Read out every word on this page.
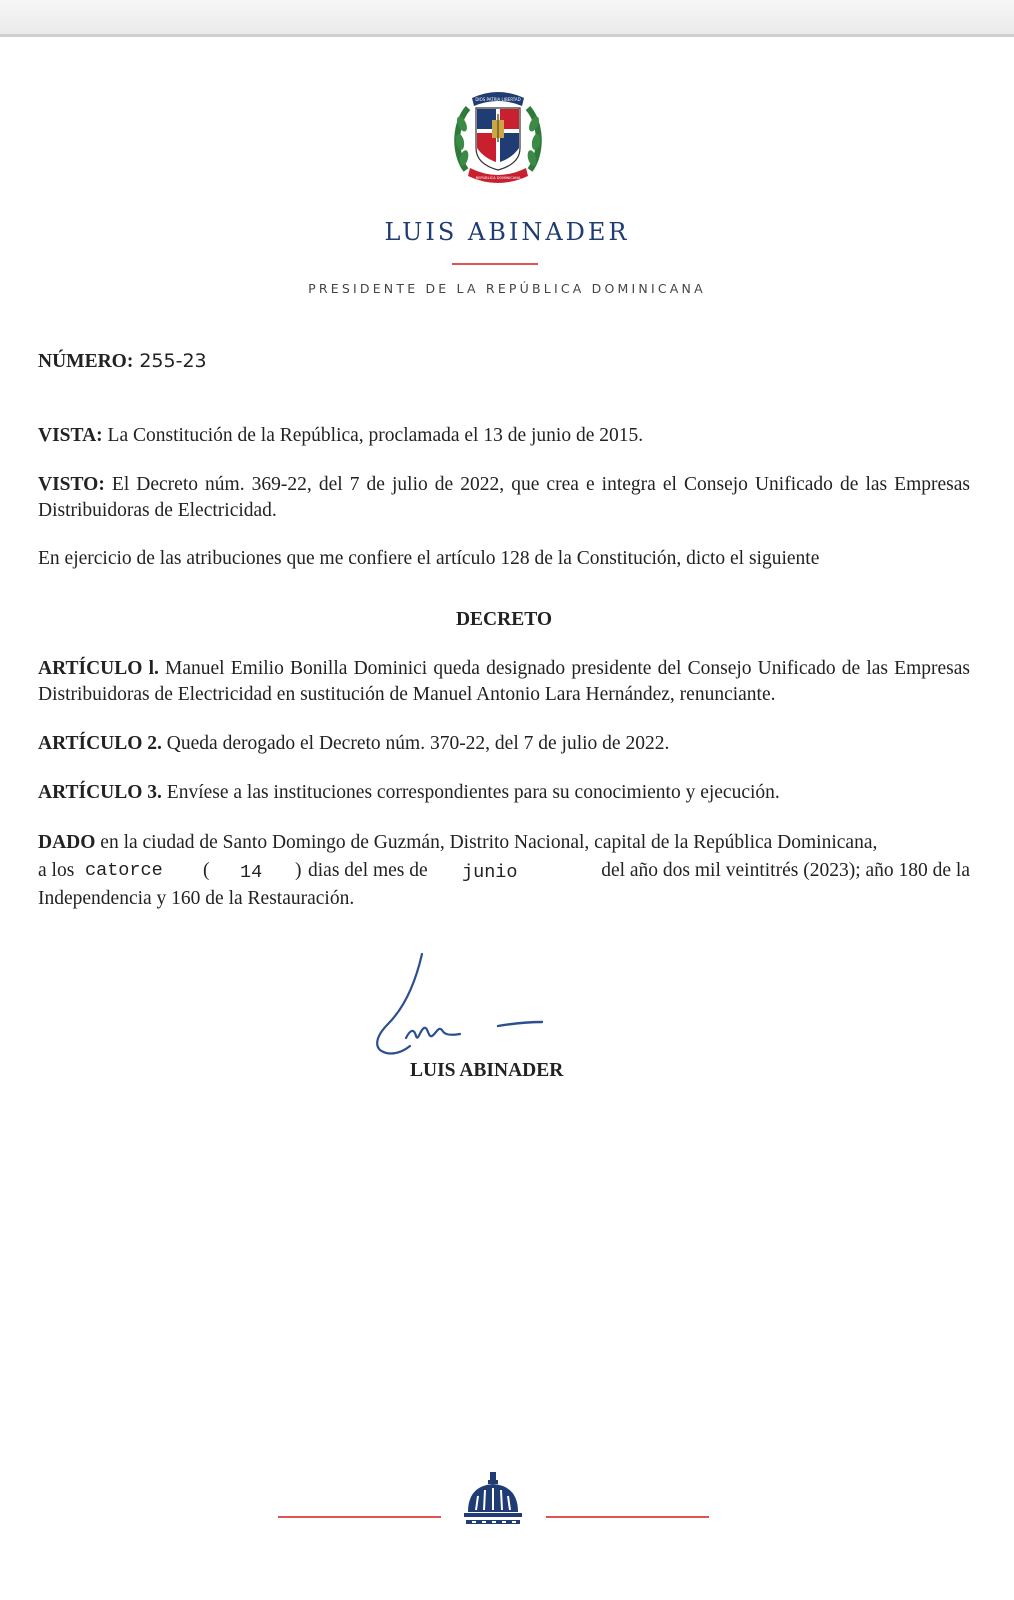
DIOS PATRIA LIBERTAD
REPÚBLICA DOMINICANA
LUIS ABINADER
PRESIDENTE DE LA REPÚBLICA DOMINICANA
NÚMERO: 255-23
VISTA: La Constitución de la República, proclamada el 13 de junio de 2015.
VISTO: El Decreto núm. 369-22, del 7 de julio de 2022, que crea e integra el Consejo Unificado de las Empresas Distribuidoras de Electricidad.
En ejercicio de las atribuciones que me confiere el artículo 128 de la Constitución, dicto el siguiente
DECRETO
ARTÍCULO l. Manuel Emilio Bonilla Dominici queda designado presidente del Consejo Unificado de las Empresas Distribuidoras de Electricidad en sustitución de Manuel Antonio Lara Hernández, renunciante.
ARTÍCULO 2. Queda derogado el Decreto núm. 370-22, del 7 de julio de 2022.
ARTÍCULO 3. Envíese a las instituciones correspondientes para su conocimiento y ejecución.
DADO en la ciudad de Santo Domingo de Guzmán, Distrito Nacional, capital de la República Dominicana,
a los catorce ( 14 ) dias del mes de junio	del año dos mil veintitrés (2023); año 180 de la
Independencia y 160 de la Restauración.
LUIS ABINADER
